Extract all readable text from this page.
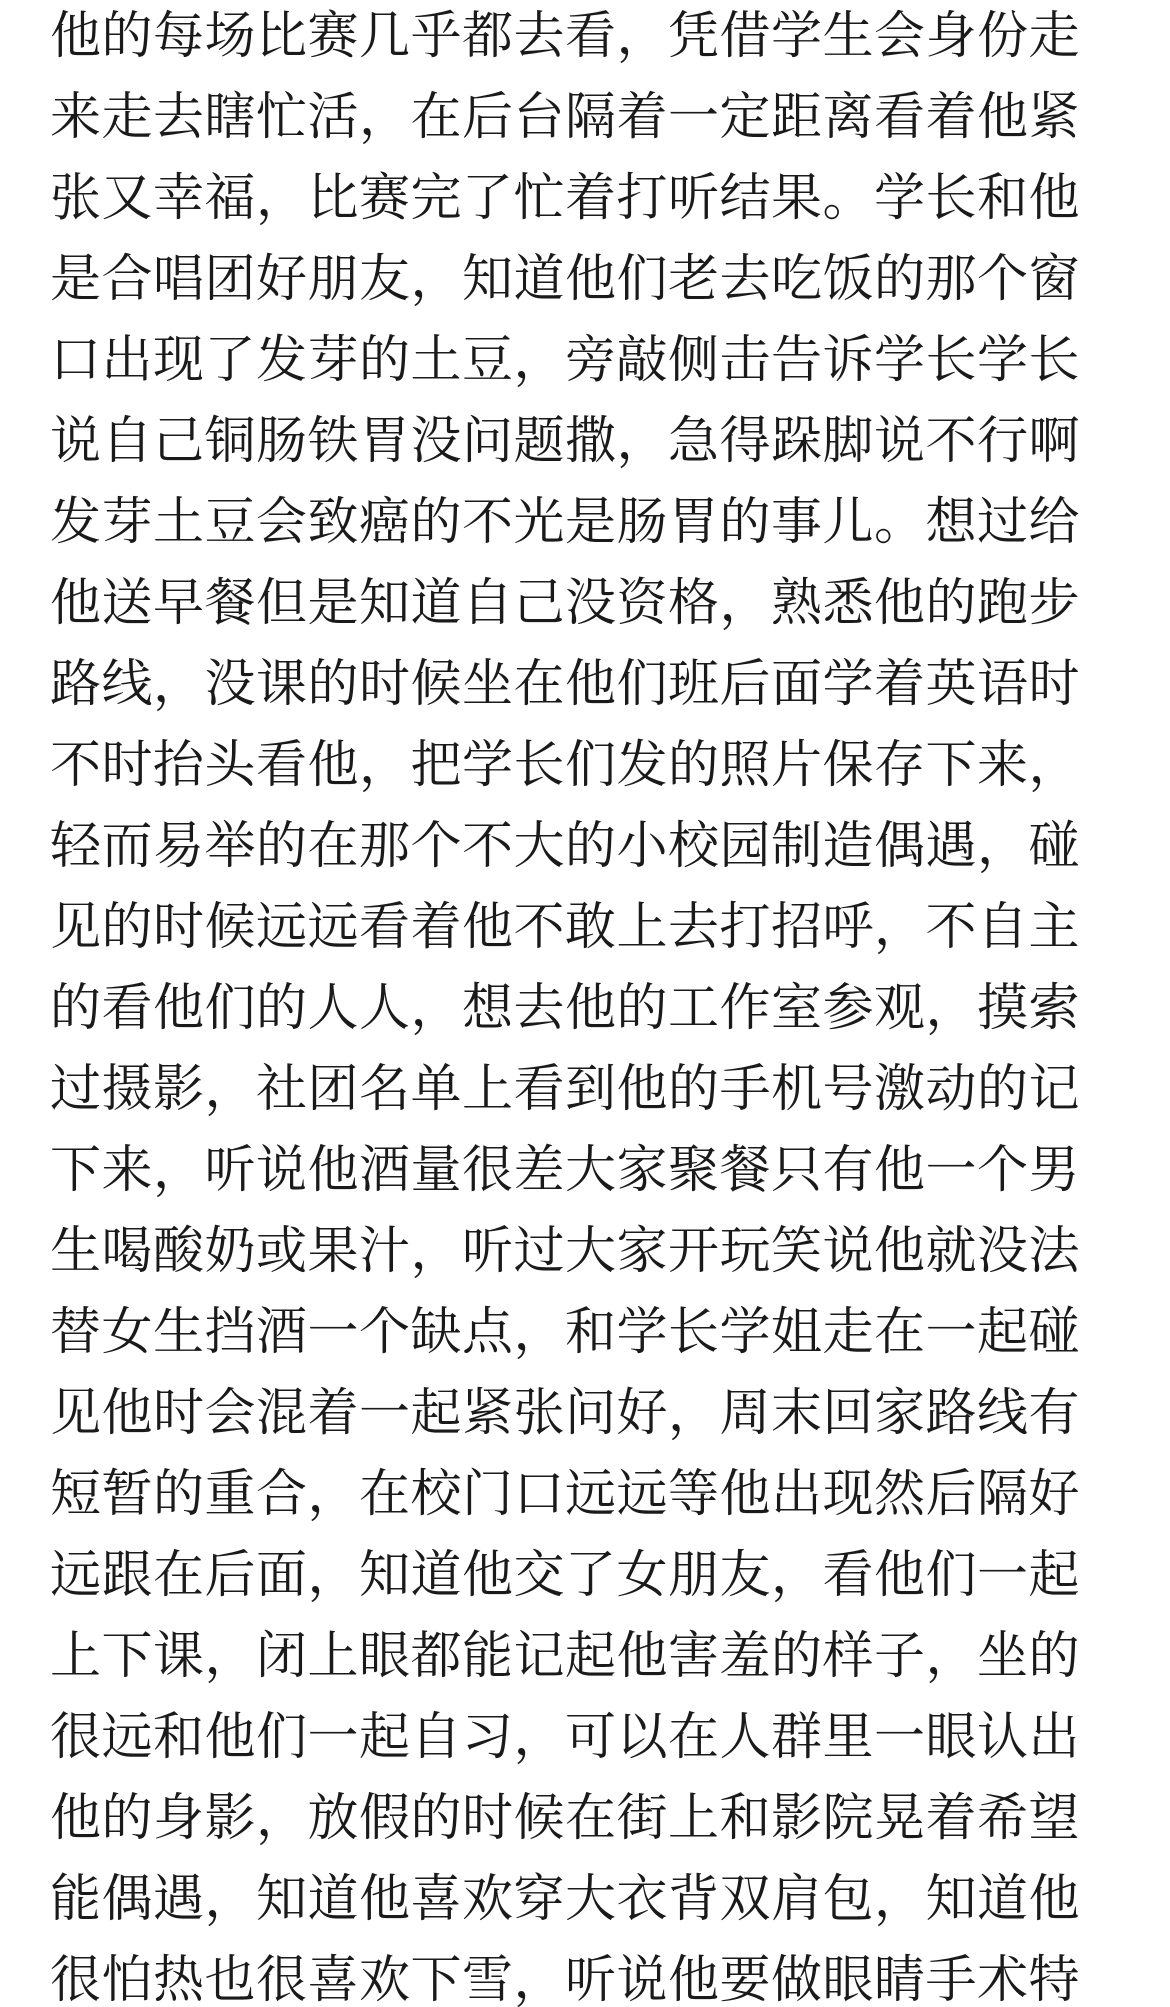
他的每场比赛几乎都去看，凭借学生会身份走
来走去瞎忙活，在后台隔着一定距离看着他紧
张又幸福，比赛完了忙着打听结果。学长和他
是合唱团好朋友，知道他们老去吃饭的那个窗
口出现了发芽的土豆，旁敲侧击告诉学长学长
说自己铜肠铁胃没问题撒，急得跺脚说不行啊
发芽土豆会致癌的不光是肠胃的事儿。想过给
他送早餐但是知道自己没资格，熟悉他的跑步
路线，没课的时候坐在他们班后面学着英语时
不时抬头看他，把学长们发的照片保存下来，
轻而易举的在那个不大的小校园制造偶遇，碰
见的时候远远看着他不敢上去打招呼，不自主
的看他们的人人，想去他的工作室参观，摸索
过摄影，社团名单上看到他的手机号激动的记
下来，听说他酒量很差大家聚餐只有他一个男
生喝酸奶或果汁，听过大家开玩笑说他就没法
替女生挡酒一个缺点，和学长学姐走在一起碰
见他时会混着一起紧张问好，周末回家路线有
短暂的重合，在校门口远远等他出现然后隔好
远跟在后面，知道他交了女朋友，看他们一起
上下课，闭上眼都能记起他害羞的样子，坐的
很远和他们一起自习，可以在人群里一眼认出
他的身影，放假的时候在街上和影院晃着希望
能偶遇，知道他喜欢穿大衣背双肩包，知道他
很怕热也很喜欢下雪，听说他要做眼睛手术特
